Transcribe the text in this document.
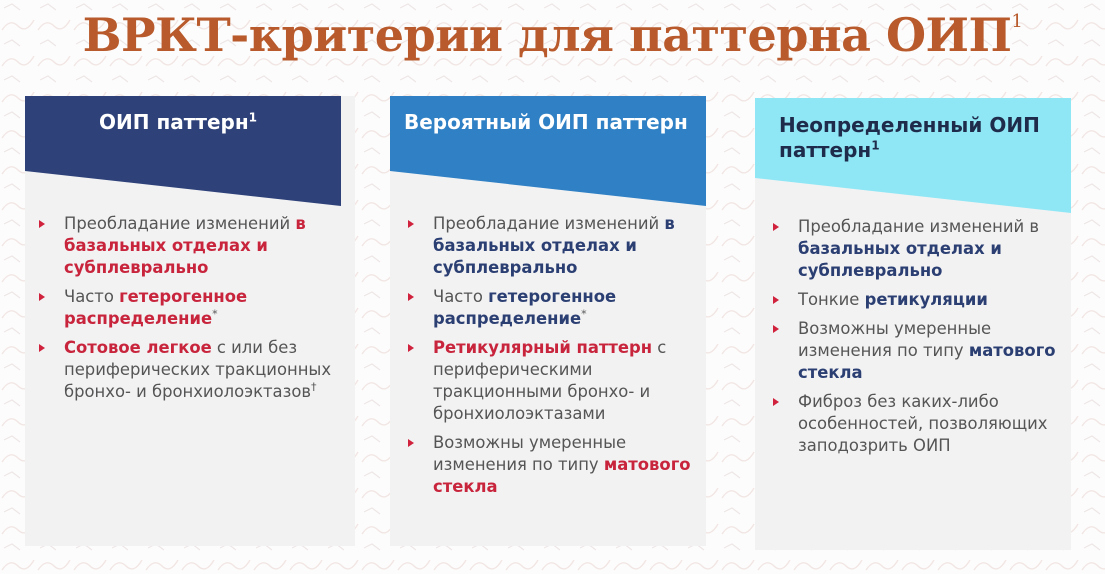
ВРКТ-критерии для паттерна ОИП$^1$
ОИП паттерн$^1$
Преобладание изменений в базальных отделах и субплеврально
Часто гетерогенное распределение*
Сотовое легкое с или без периферических тракционных бронхо- и бронхиолоэктазов†
Вероятный ОИП паттерн
Преобладание изменений в базальных отделах и субплеврально
Часто гетерогенное распределение*
Ретикулярный паттерн с периферическими тракционными бронхо- и бронхиолоэктазами
Возможны умеренные изменения по типу матового стекла
Неопределенный ОИП паттерн$^1$
Преобладание изменений в базальных отделах и субплеврально
Тонкие ретикуляции
Возможны умеренные изменения по типу матового стекла
Фиброз без каких-либо особенностей, позволяющих заподозрить ОИП
